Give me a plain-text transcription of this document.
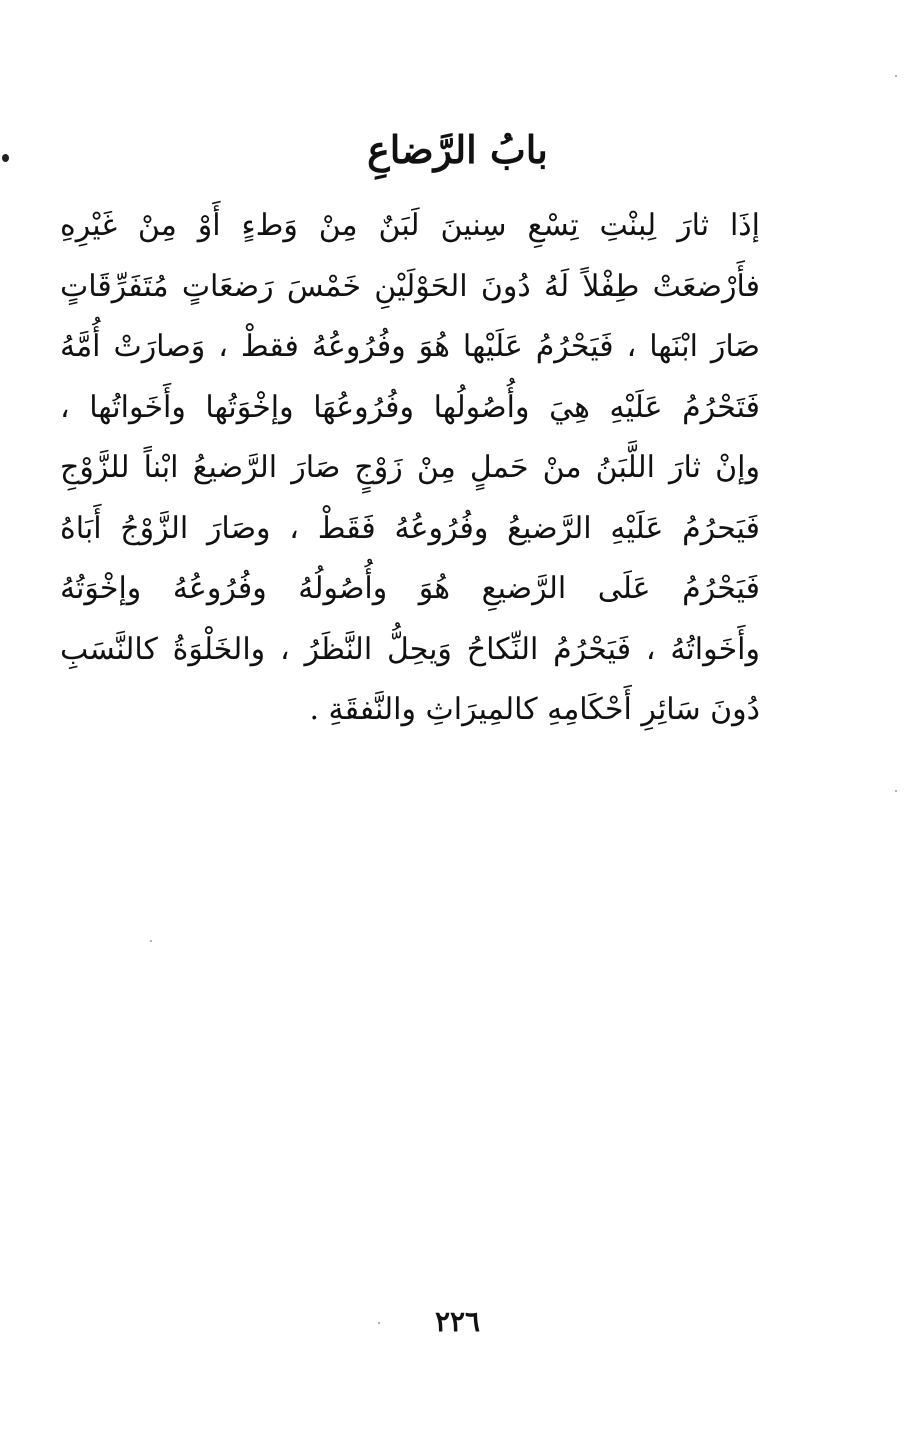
بابُ الرَّضاعِ
إذَا ثارَ لِبنْتِ تِسْعِ سِنينَ لَبَنٌ مِنْ وَطءٍ أَوْ مِنْ غَيْرِهِ
فأَرْضعَتْ طِفْلاً لَهُ دُونَ الحَوْلَيْنِ خَمْسَ رَضعَاتٍ مُتَفَرِّقَاتٍ
صَارَ ابْنَها ، فَيَحْرُمُ عَلَيْها هُوَ وفُرُوعُهُ فقطْ ، وَصارَتْ أُمَّهُ
فَتَحْرُمُ عَلَيْهِ هِيَ وأُصُولُها وفُرُوعُهَا وإخْوَتُها وأَخَواتُها ،
وإنْ ثارَ اللَّبَنُ منْ حَملٍ مِنْ زَوْجٍ صَارَ الرَّضيعُ ابْناً للزَّوْجِ
فَيَحرُمُ عَلَيْهِ الرَّضيعُ وفُرُوعُهُ فَقَطْ ، وصَارَ الزَّوْجُ أَبَاهُ
فَيَحْرُمُ عَلَى الرَّضيعِ هُوَ وأُصُولُهُ وفُرُوعُهُ وإخْوَتُهُ
وأَخَواتُهُ ، فَيَحْرُمُ النِّكاحُ وَيحِلُّ النَّظَرُ ، والخَلْوَةُ كالنَّسَبِ
دُونَ سَائِرِ أَحْكَامِهِ كالمِيرَاثِ والنَّفقَةِ .
٢٢٦
